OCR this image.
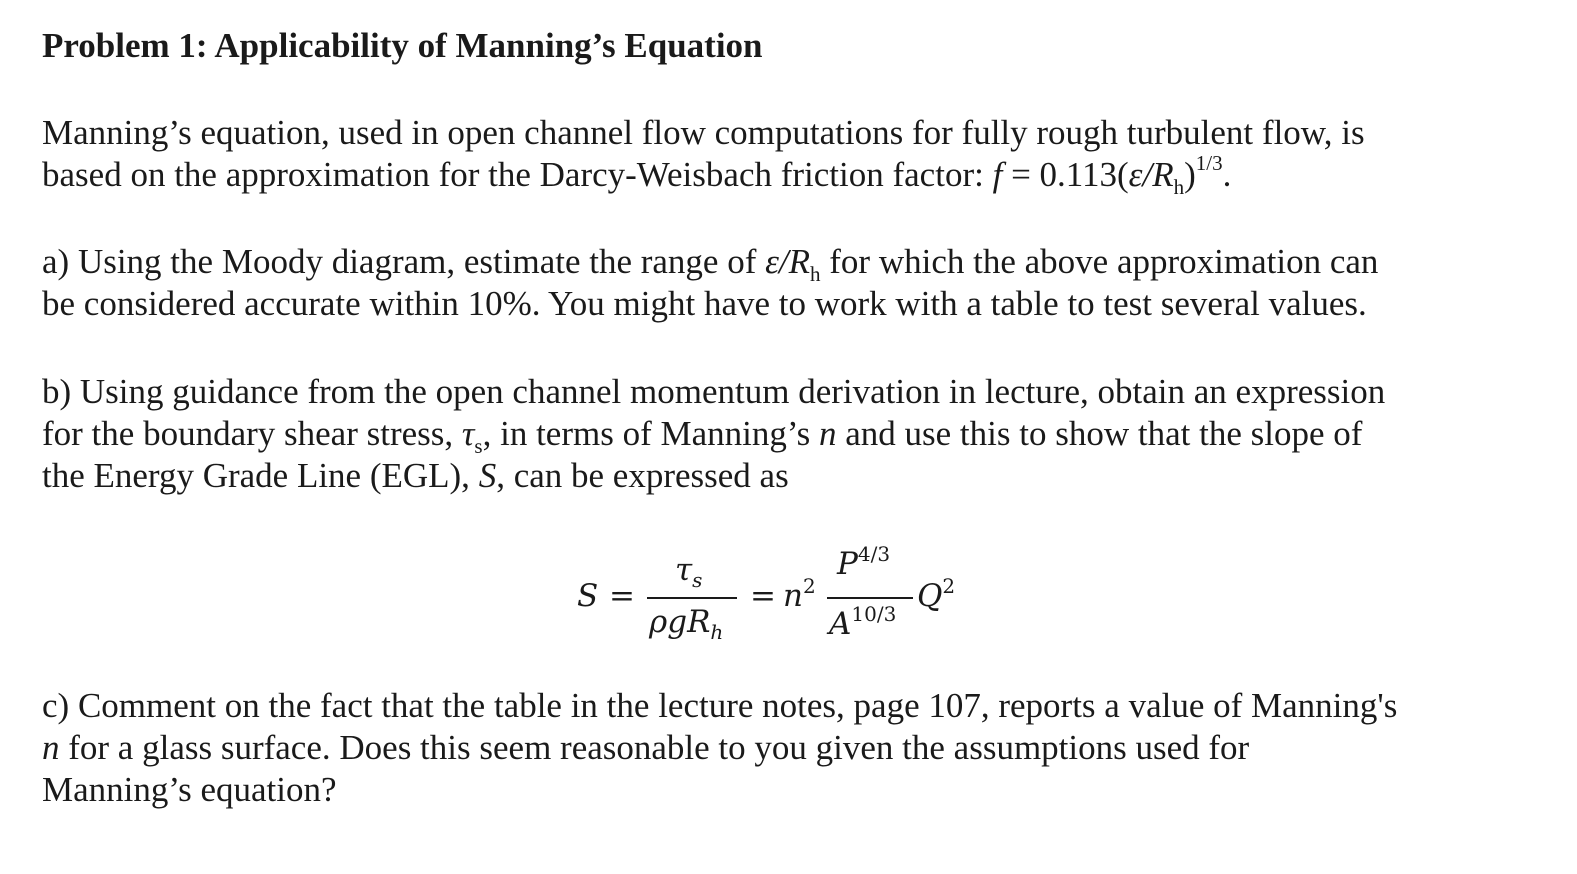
Problem 1: Applicability of Manning’s Equation
Manning’s equation, used in open channel flow computations for fully rough turbulent flow, is
based on the approximation for the Darcy-Weisbach friction factor: $f = 0.113(\varepsilon/R_h)^{1/3}$.
a) Using the Moody diagram, estimate the range of $\varepsilon/R_h$ for which the above approximation can
be considered accurate within 10%. You might have to work with a table to test several values.
b) Using guidance from the open channel momentum derivation in lecture, obtain an expression
for the boundary shear stress, $\tau_s$, in terms of Manning’s n and use this to show that the slope of
the Energy Grade Line (EGL), S, can be expressed as
S =
$\tau_s$
ρgR$_h$
= $n^2$
$P^{4/3}$
$A^{10/3}$ $Q^2$
c) Comment on the fact that the table in the lecture notes, page 107, reports a value of Manning's
n for a glass surface. Does this seem reasonable to you given the assumptions used for
Manning’s equation?
